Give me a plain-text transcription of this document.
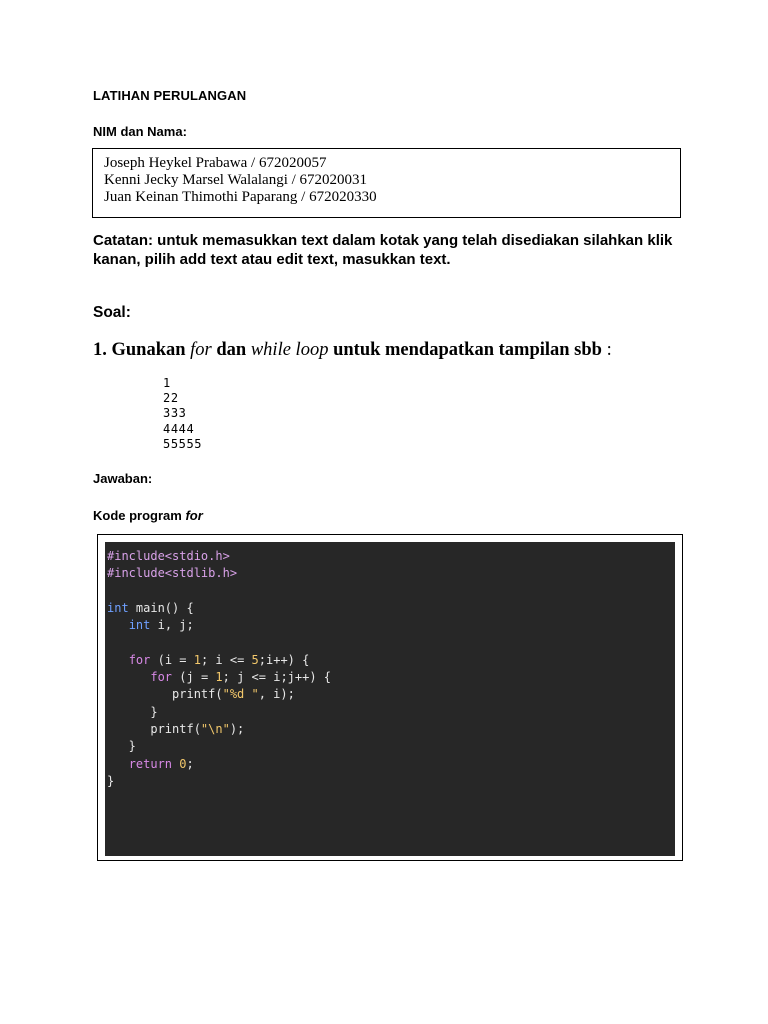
LATIHAN PERULANGAN
NIM dan Nama:
Joseph Heykel Prabawa / 672020057
Kenni Jecky Marsel Walalangi / 672020031
Juan Keinan Thimothi Paparang / 672020330
Catatan: untuk memasukkan text dalam kotak yang telah disediakan silahkan klik kanan, pilih add text atau edit text, masukkan text.
Soal:
1. Gunakan for dan while loop untuk mendapatkan tampilan sbb :
1
22
333
4444
55555
Jawaban:
Kode program for
#include<stdio.h>
#include<stdlib.h>

int main() {
int i, j;

for (i = 1; i <= 5;i++) {
for (j = 1; j <= i;j++) {
printf("%d ", i);
}
printf("\n");
}
return 0;
}
